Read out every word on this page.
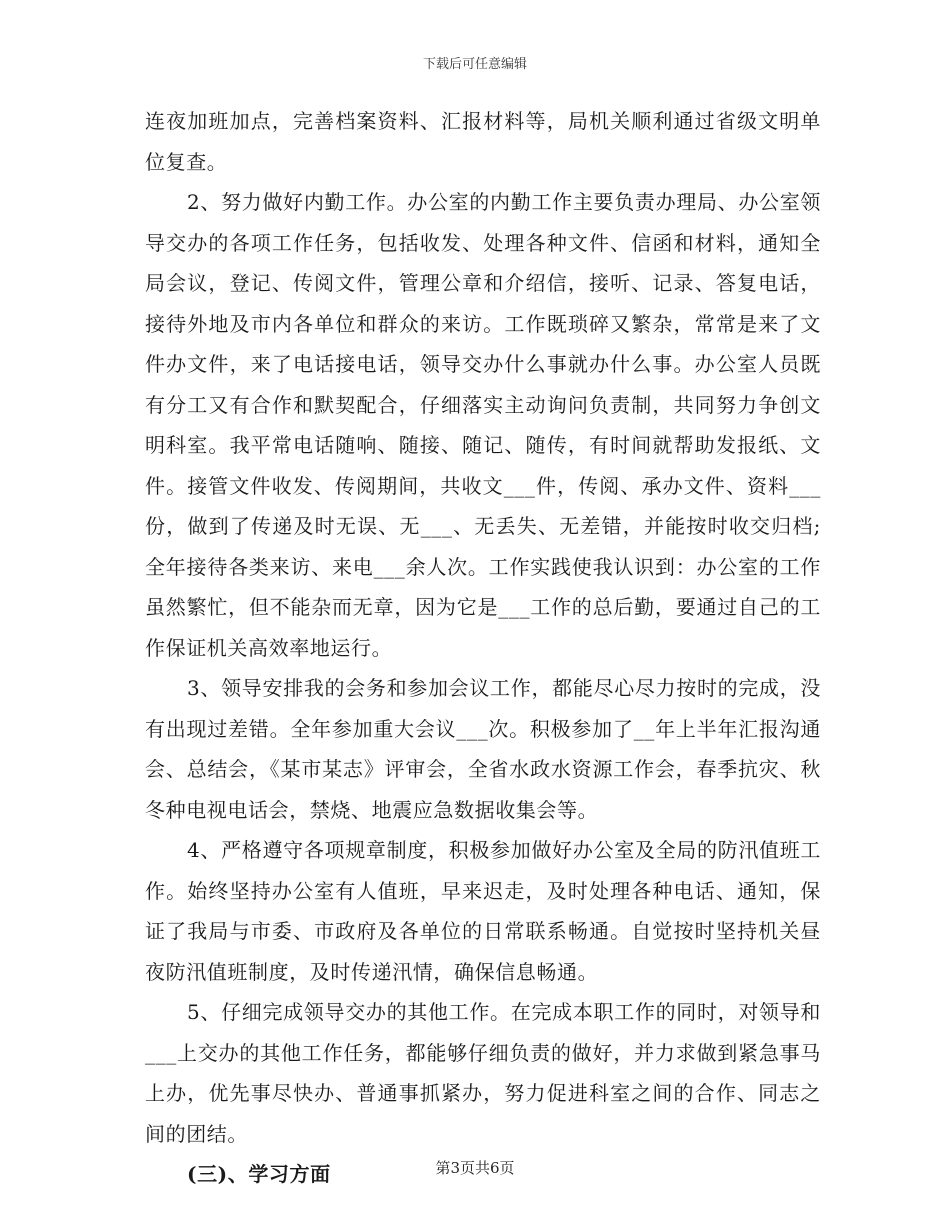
下载后可任意编辑

连夜加班加点，完善档案资料、汇报材料等，局机关顺利通过省级文明单位复查。

2、努力做好内勤工作。办公室的内勤工作主要负责办理局、办公室领导交办的各项工作任务，包括收发、处理各种文件、信函和材料，通知全局会议，登记、传阅文件，管理公章和介绍信，接听、记录、答复电话，接待外地及市内各单位和群众的来访。工作既琐碎又繁杂，常常是来了文件办文件，来了电话接电话，领导交办什么事就办什么事。办公室人员既有分工又有合作和默契配合，仔细落实主动询问负责制，共同努力争创文明科室。我平常电话随响、随接、随记、随传，有时间就帮助发报纸、文件。接管文件收发、传阅期间，共收文___件，传阅、承办文件、资料___份，做到了传递及时无误、无___、无丢失、无差错，并能按时收交归档;全年接待各类来访、来电___余人次。工作实践使我认识到：办公室的工作虽然繁忙，但不能杂而无章，因为它是___工作的总后勤，要通过自己的工作保证机关高效率地运行。

3、领导安排我的会务和参加会议工作，都能尽心尽力按时的完成，没有出现过差错。全年参加重大会议___次。积极参加了__年上半年汇报沟通会、总结会，《某市某志》评审会，全省水政水资源工作会，春季抗灾、秋冬种电视电话会，禁烧、地震应急数据收集会等。

4、严格遵守各项规章制度，积极参加做好办公室及全局的防汛值班工作。始终坚持办公室有人值班，早来迟走，及时处理各种电话、通知，保证了我局与市委、市政府及各单位的日常联系畅通。自觉按时坚持机关昼夜防汛值班制度，及时传递汛情，确保信息畅通。

5、仔细完成领导交办的其他工作。在完成本职工作的同时，对领导和___上交办的其他工作任务，都能够仔细负责的做好，并力求做到紧急事马上办，优先事尽快办、普通事抓紧办，努力促进科室之间的合作、同志之间的团结。

(三)、学习方面	第3页共6页
